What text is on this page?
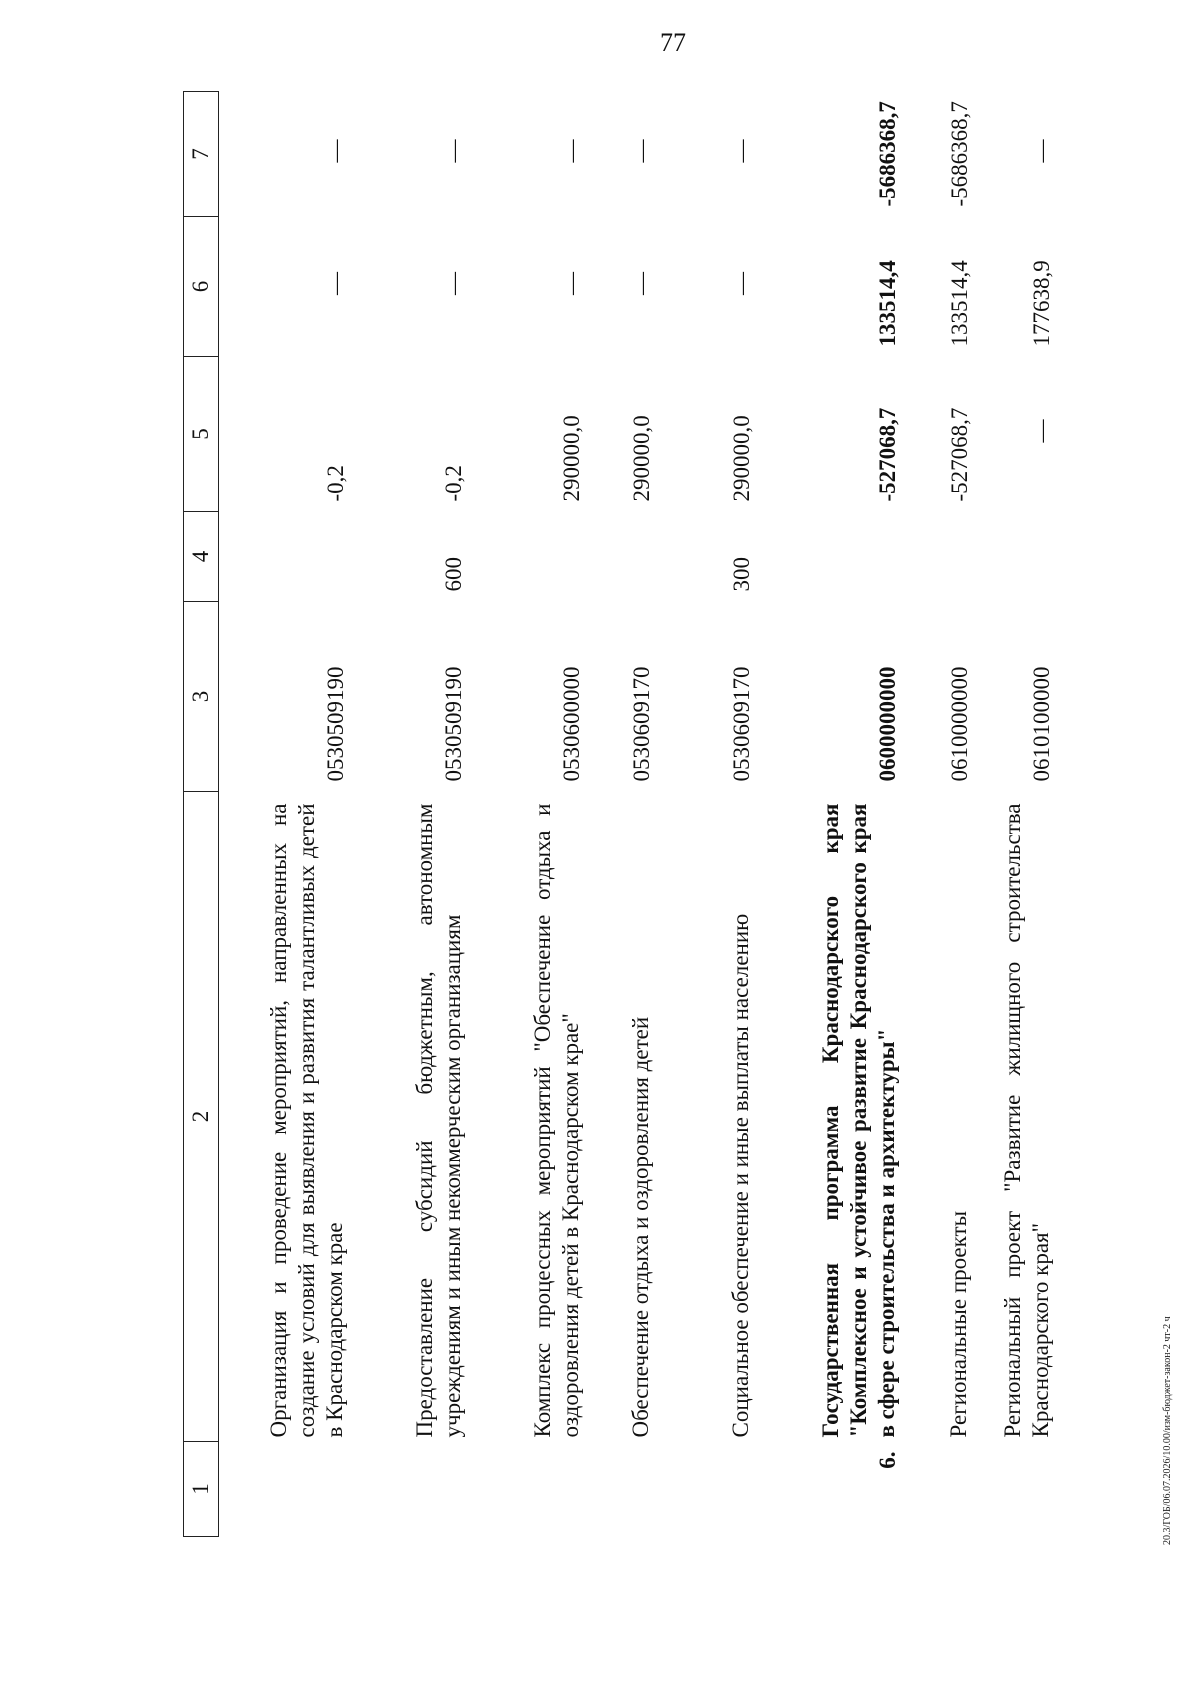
77
1	2	3	4	5	6	7
	Организация и проведение мероприятий, направленных на создание условий для выявления и развития талантливых детей в Краснодарском крае	0530509190		-0,2	—	—
	Предоставление субсидий бюджетным, автономным учреждениям и иным некоммерческим организациям	0530509190	600	-0,2	—	—
	Комплекс процессных мероприятий "Обеспечение отдыха и оздоровления детей в Краснодарском крае"	0530600000		290000,0	—	—
	Обеспечение отдыха и оздоровления детей	0530609170		290000,0	—	—
	Социальное обеспечение и иные выплаты населению	0530609170	300	290000,0	—	—
6.	Государственная программа Краснодарского края "Комплексное и устойчивое развитие Краснодарского края в сфере строительства и архитектуры"	0600000000		-527068,7	133514,4	-5686368,7
	Региональные проекты	0610000000		-527068,7	133514,4	-5686368,7
	Региональный проект "Развитие жилищного строительства Краснодарского края"	0610100000		—	177638,9	—
20.3/ГОБ/06.07.2026/10.00/изм-бюджет-закон-2 чт-2 ч
